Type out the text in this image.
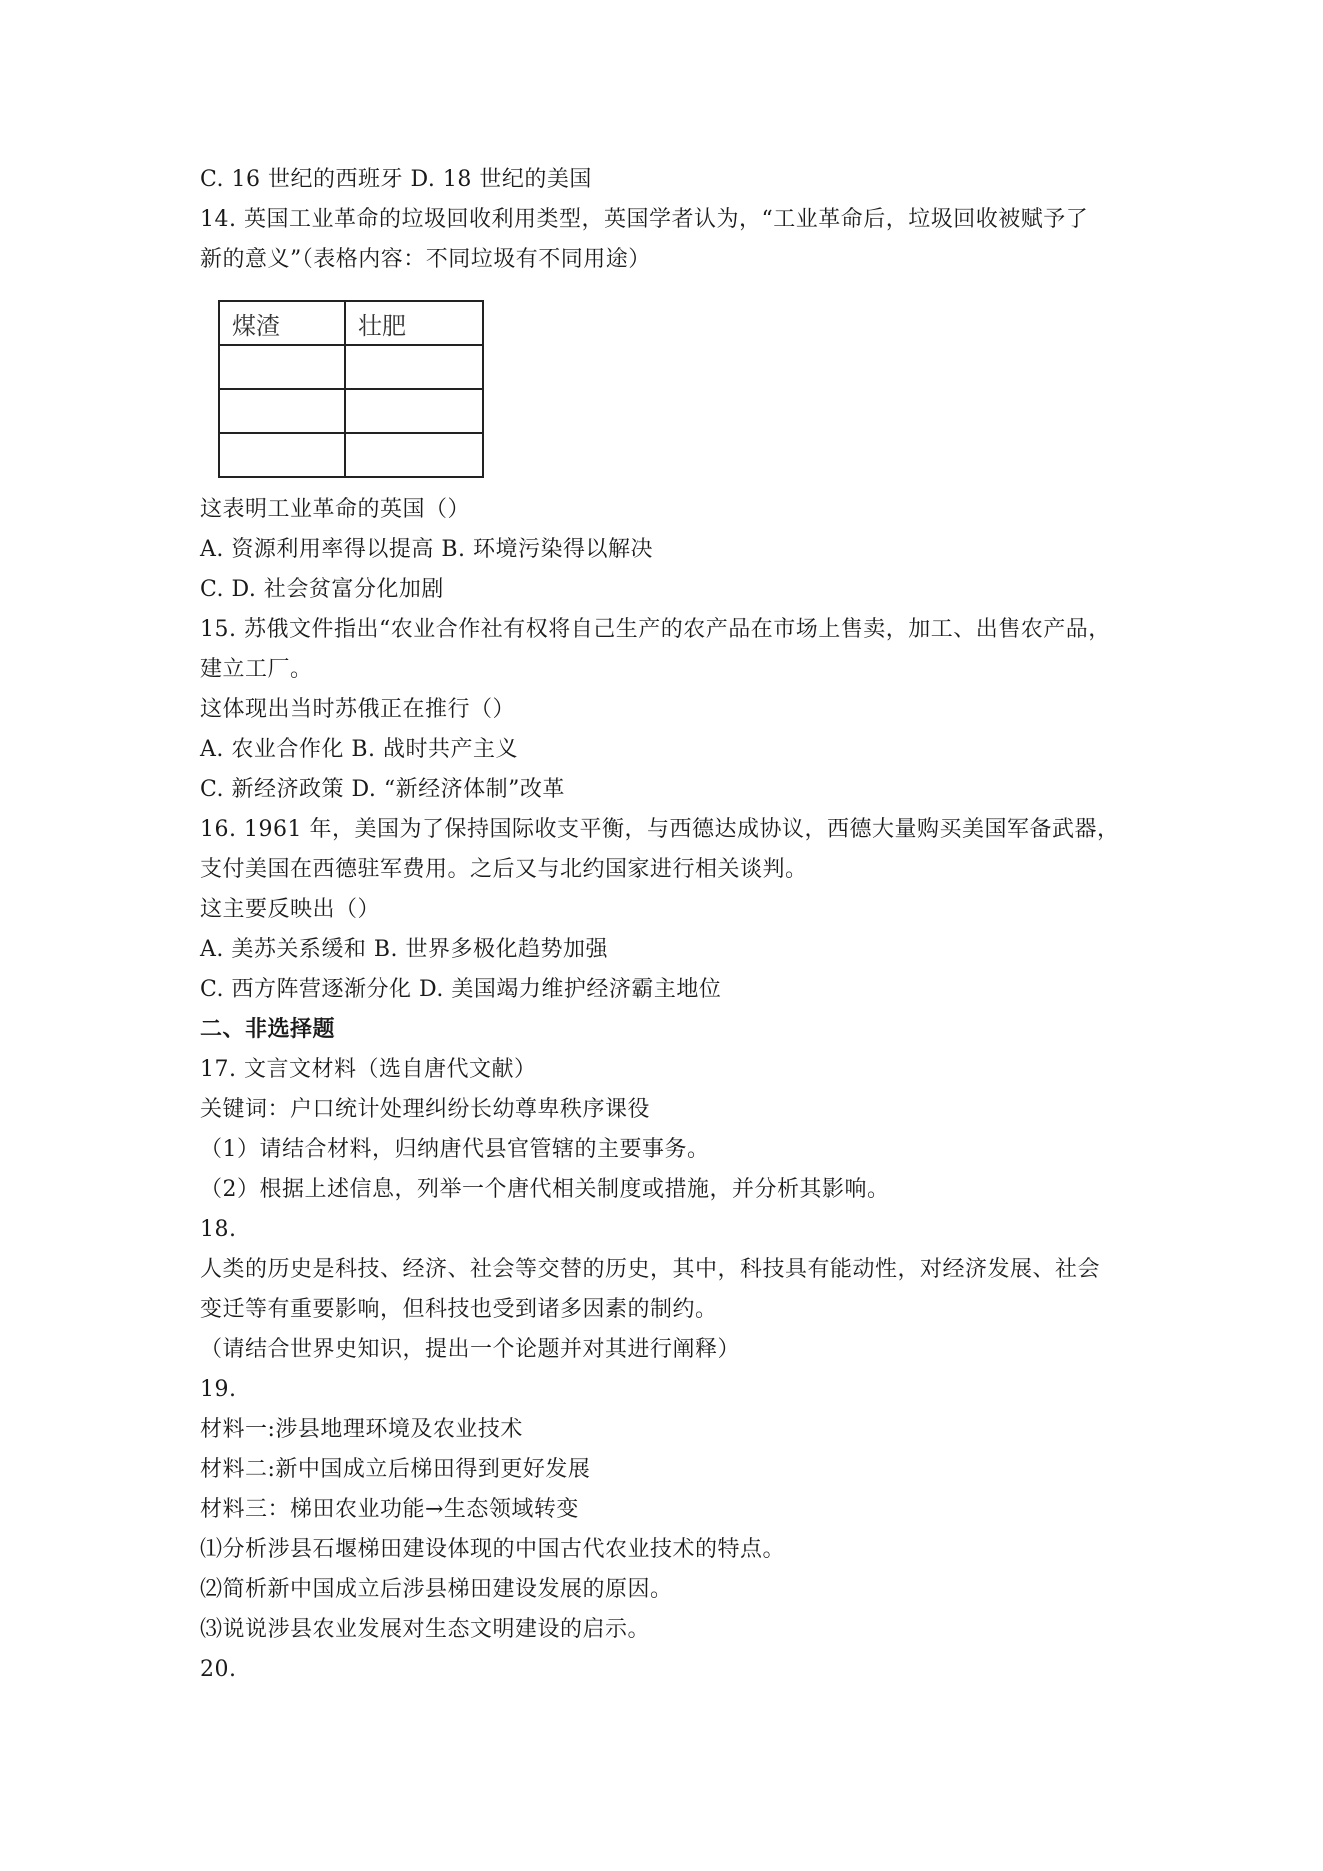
C. 16 世纪的西班牙 D. 18 世纪的美国
14. 英国工业革命的垃圾回收利用类型，英国学者认为，“工业革命后，垃圾回收被赋予了
新的意义”（表格内容：不同垃圾有不同用途）
煤渣	壮肥

这表明工业革命的英国（）
A. 资源利用率得以提高 B. 环境污染得以解决
C. D. 社会贫富分化加剧
15. 苏俄文件指出“农业合作社有权将自己生产的农产品在市场上售卖，加工、出售农产品，
建立工厂。
这体现出当时苏俄正在推行（）
A. 农业合作化 B. 战时共产主义
C. 新经济政策 D. “新经济体制”改革
16. 1961 年，美国为了保持国际收支平衡，与西德达成协议，西德大量购买美国军备武器，
支付美国在西德驻军费用。之后又与北约国家进行相关谈判。
这主要反映出（）
A. 美苏关系缓和 B. 世界多极化趋势加强
C. 西方阵营逐渐分化 D. 美国竭力维护经济霸主地位
二、非选择题
17. 文言文材料（选自唐代文献）
关键词：户口统计处理纠纷长幼尊卑秩序课役
（1）请结合材料，归纳唐代县官管辖的主要事务。
（2）根据上述信息，列举一个唐代相关制度或措施，并分析其影响。
18.
人类的历史是科技、经济、社会等交替的历史，其中，科技具有能动性，对经济发展、社会
变迁等有重要影响，但科技也受到诸多因素的制约。
（请结合世界史知识，提出一个论题并对其进行阐释）
19.
材料一:涉县地理环境及农业技术
材料二:新中国成立后梯田得到更好发展
材料三：梯田农业功能→生态领域转变
⑴分析涉县石堰梯田建设体现的中国古代农业技术的特点。
⑵简析新中国成立后涉县梯田建设发展的原因。
⑶说说涉县农业发展对生态文明建设的启示。
20.
